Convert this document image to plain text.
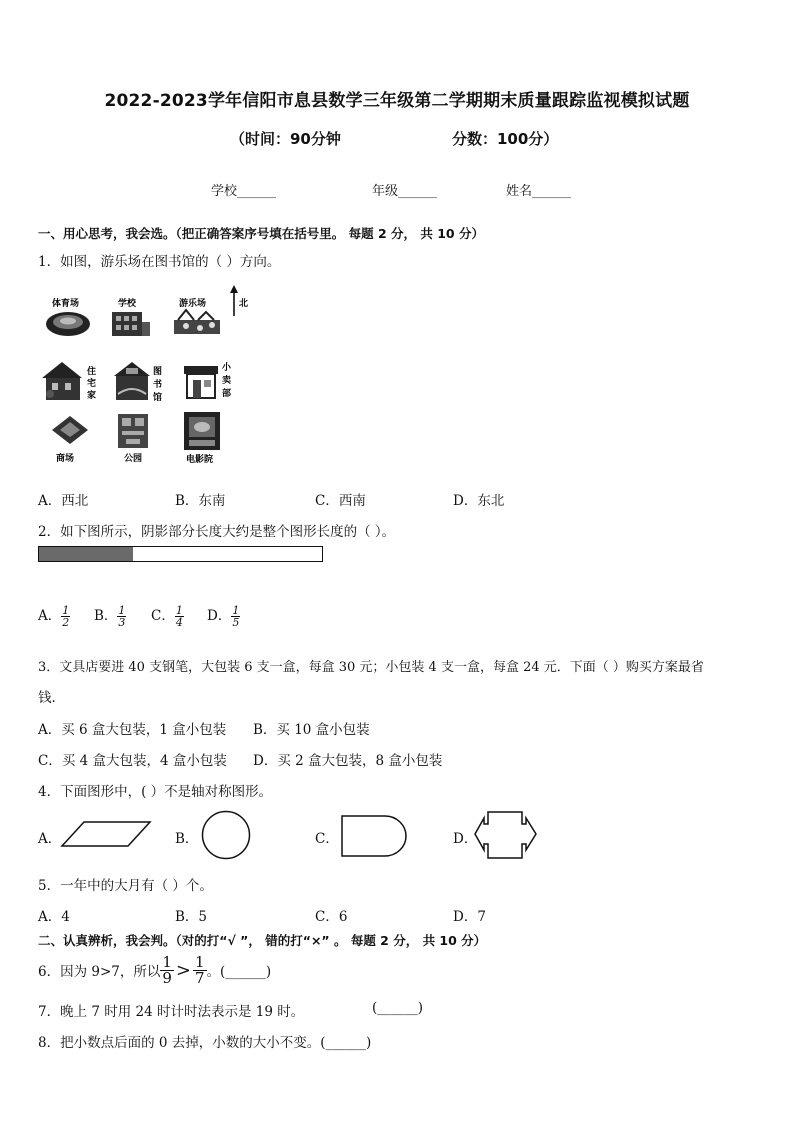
2022-2023学年信阳市息县数学三年级第二学期期末质量跟踪监视模拟试题
（时间：90分钟	分数：100分）
学校______	年级______	姓名______
一、用心思考，我会选。（把正确答案序号填在括号里。 每题 2 分， 共 10 分）
1．如图，游乐场在图书馆的（ ）方向。
北
体育场	学校	游乐场
住
宅
家
图
书
馆
小
卖
部
商场	公园	电影院
A．西北	B．东南	C．西南	D．东北
2．如下图所示，阴影部分长度大约是整个图形长度的（ ）。
A． $\frac{1}{2}$ B． $\frac{1}{3}$ C． $\frac{1}{4}$ D． $\frac{1}{5}$
3．文具店要进 40 支钢笔，大包装 6 支一盒，每盒 30 元；小包装 4 支一盒，每盒 24 元．下面（ ）购买方案最省
钱．
A．买 6 盒大包装，1 盒小包装 B．买 10 盒小包装
C．买 4 盒大包装，4 盒小包装 D．买 2 盒大包装，8 盒小包装
4．下面图形中，( ）不是轴对称图形。
A．	B．	C．	D．
5．一年中的大月有（ ）个。
A．4	B．5	C．6	D．7
二、认真辨析，我会判。（对的打“√ ”， 错的打“×” 。 每题 2 分， 共 10 分）
6．因为 9>7，所以
1
9 > 1
7 。(______)
7．晚上 7 时用 24 时计时法表示是 19 时。	(______)
8．把小数点后面的 0 去掉，小数的大小不变。(______)
